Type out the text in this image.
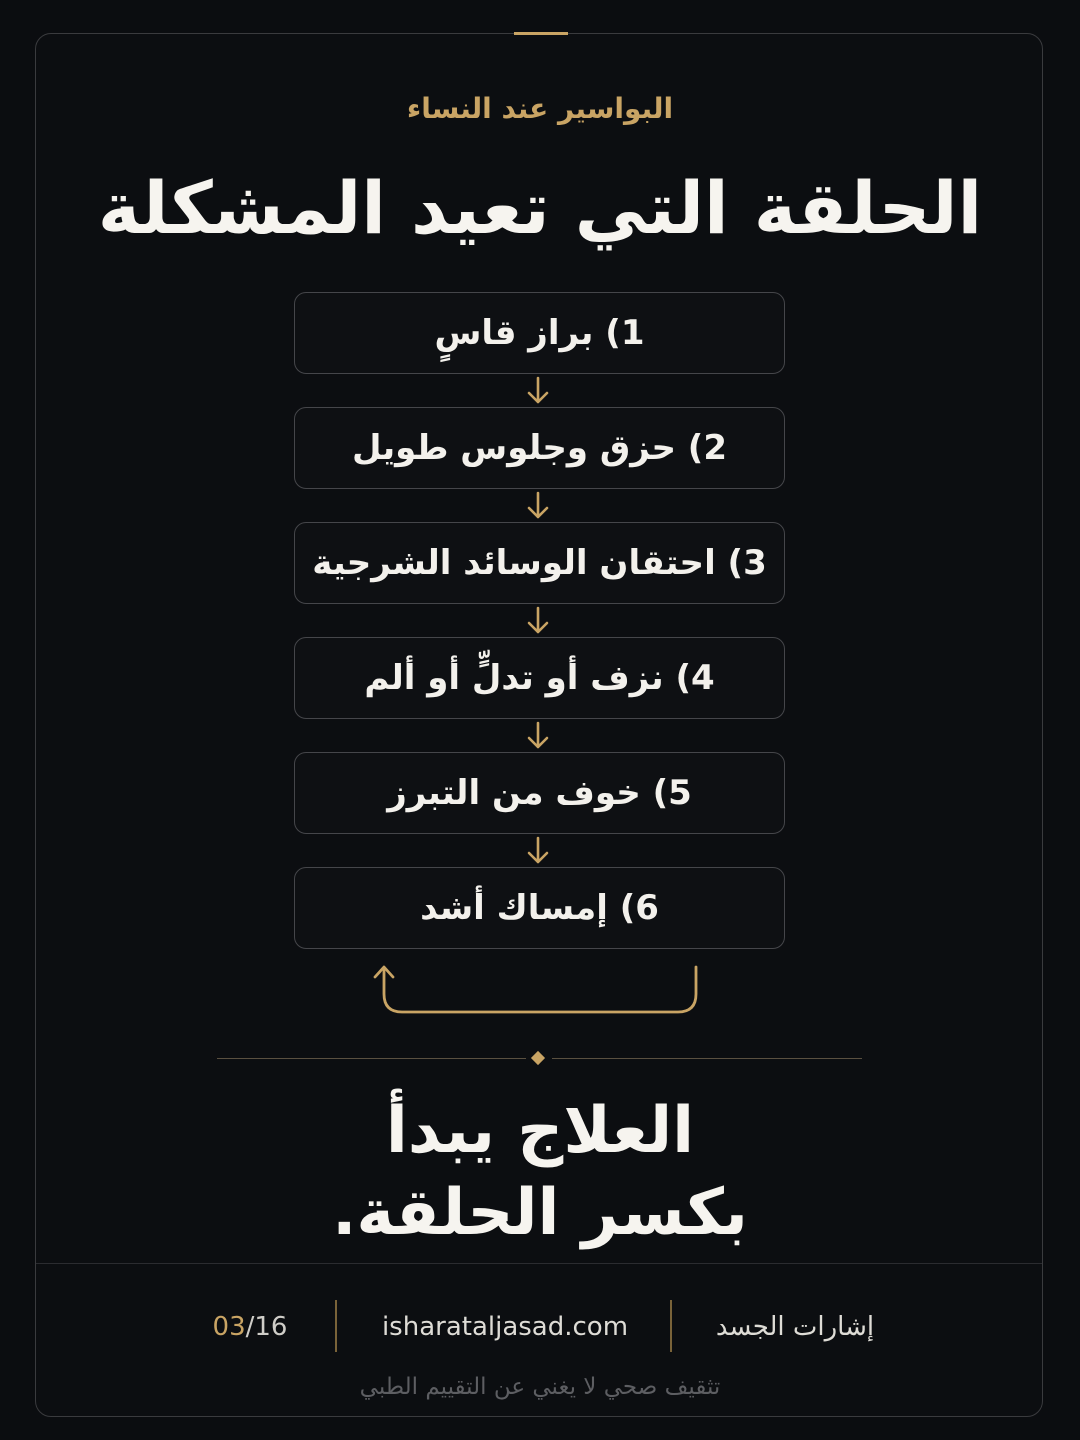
البواسير عند النساء
الحلقة التي تعيد المشكلة
1) براز قاسٍ
2) حزق وجلوس طويل
3) احتقان الوسائد الشرجية
4) نزف أو تدلٍّ أو ألم
5) خوف من التبرز
6) إمساك أشد
العلاج يبدأ
بكسر الحلقة.
03/16	isharataljasad.com	إشارات الجسد
تثقيف صحي لا يغني عن التقييم الطبي
